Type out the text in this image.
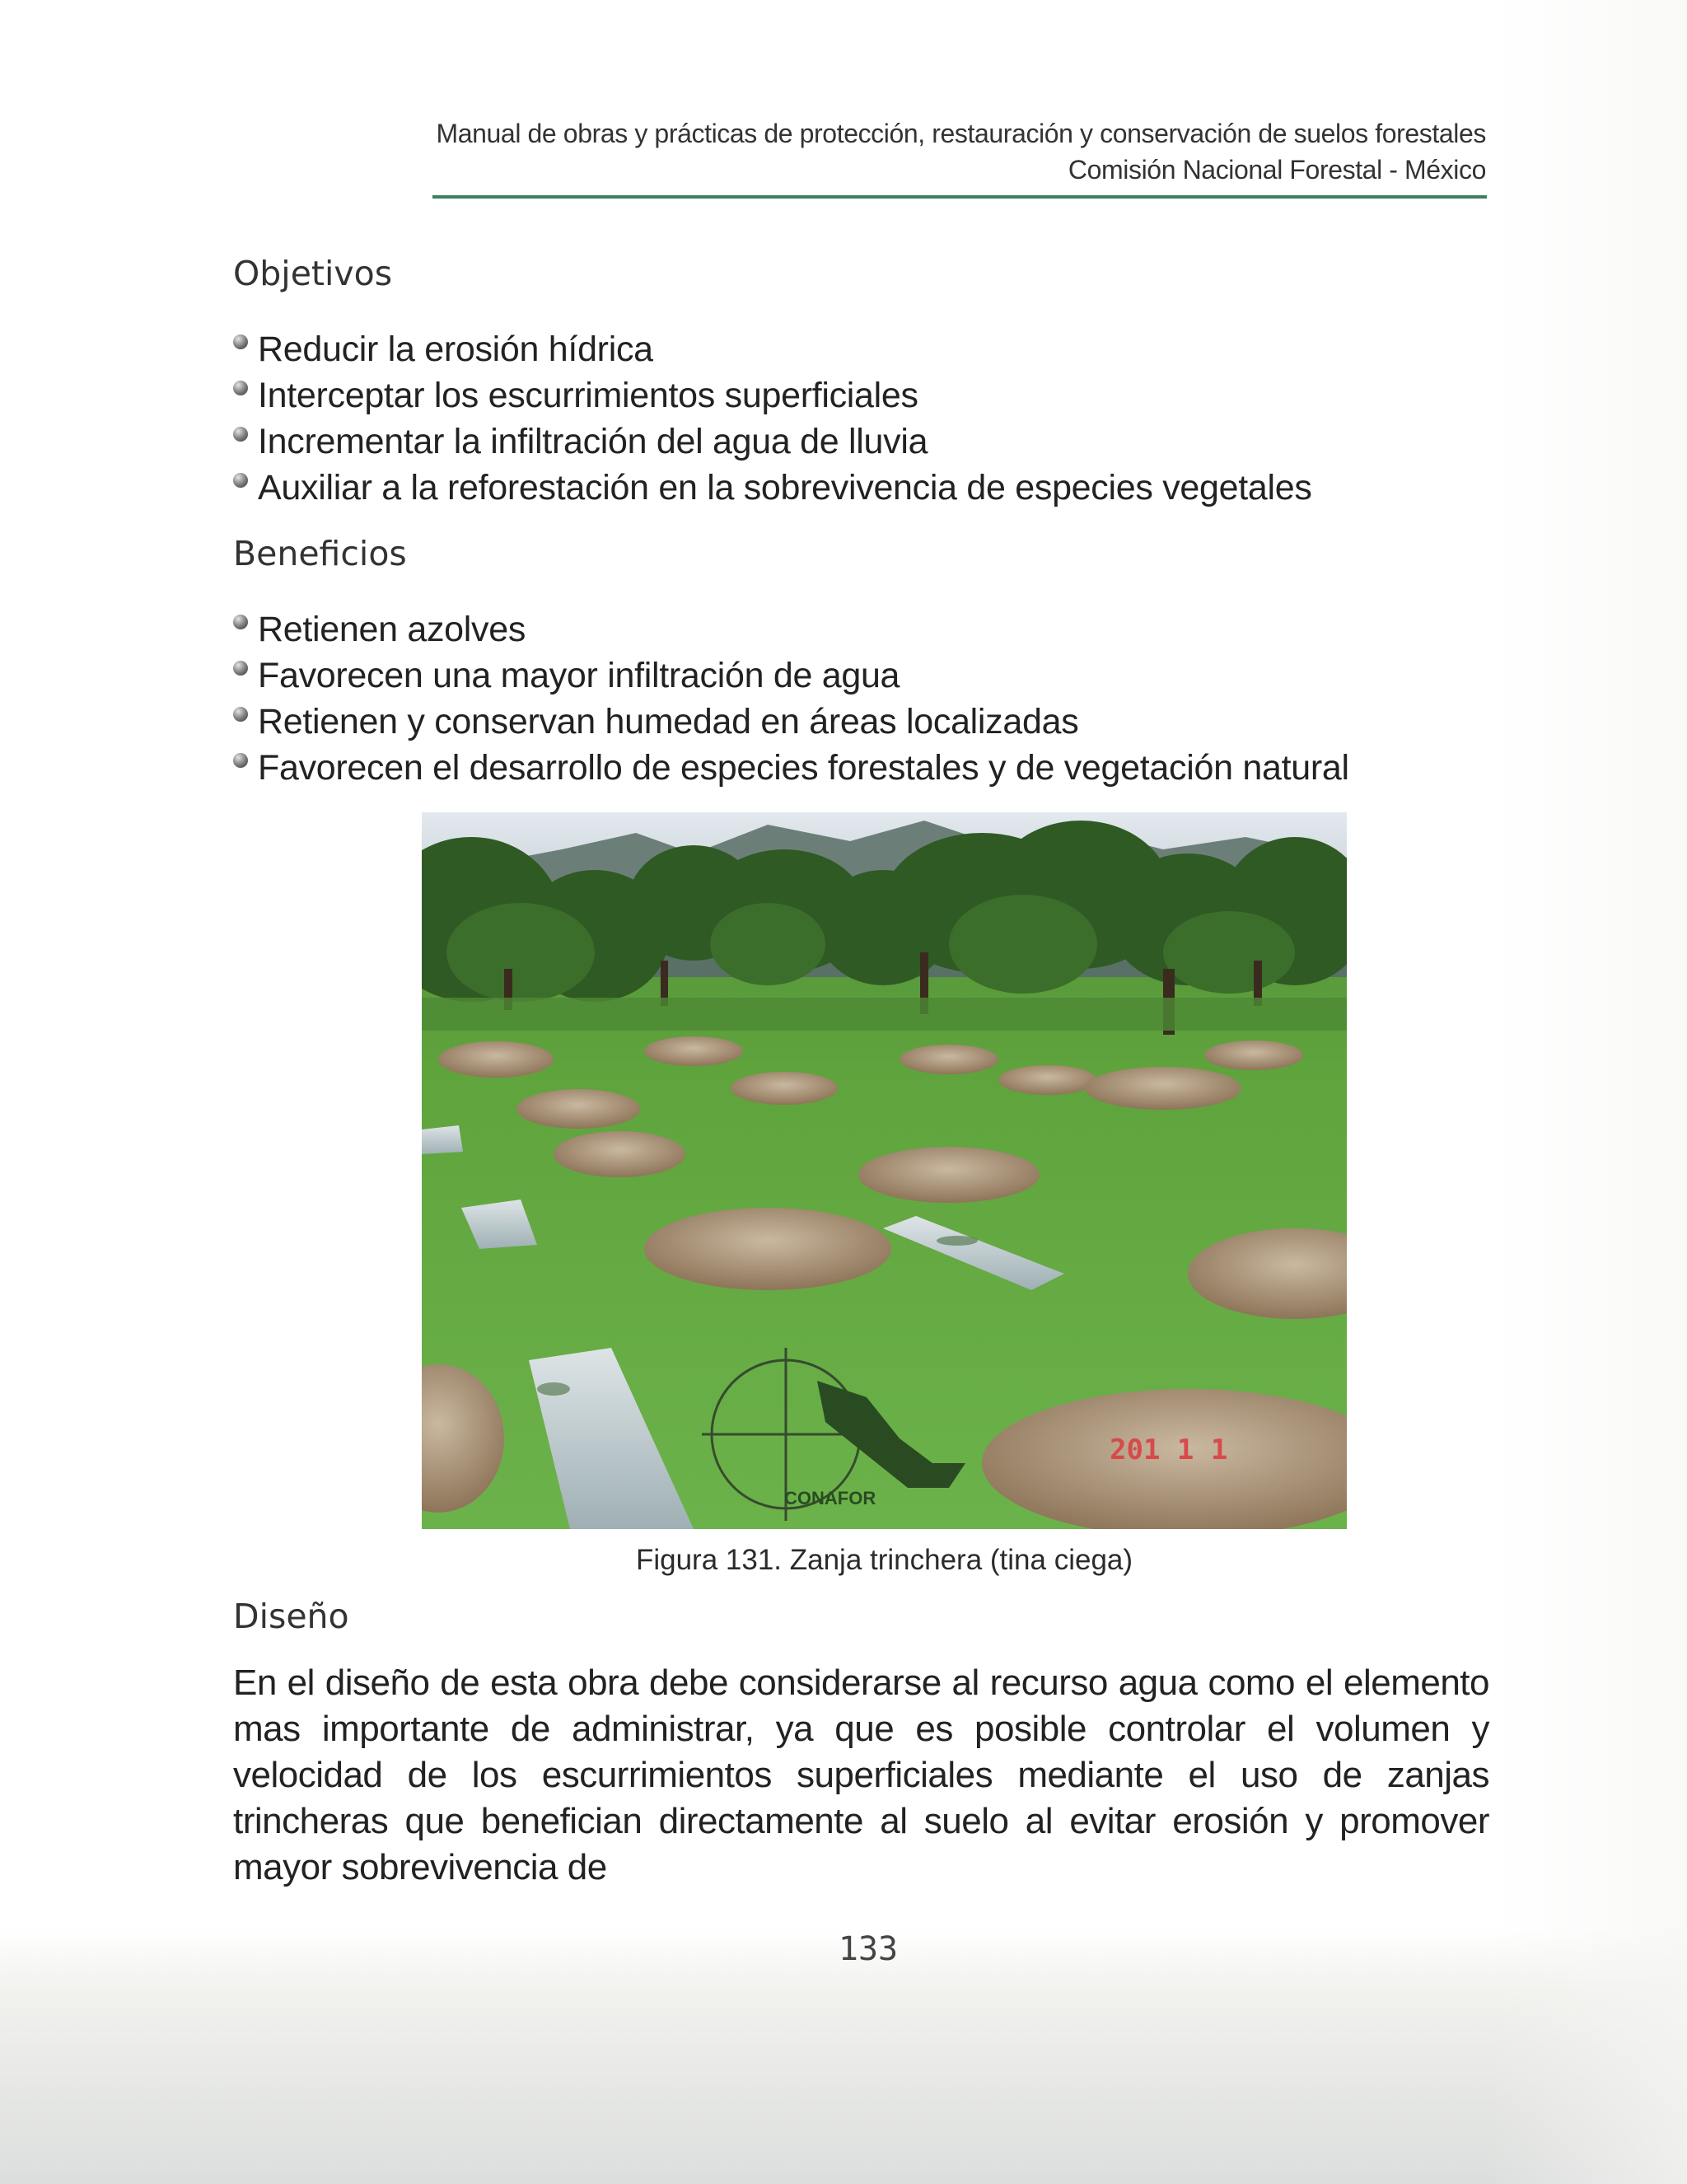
Manual de obras y prácticas de protección, restauración y conservación de suelos forestales
Comisión Nacional Forestal - México
Objetivos
Reducir la erosión hídrica
Interceptar los escurrimientos superficiales
Incrementar la infiltración del agua de lluvia
Auxiliar a la reforestación en la sobrevivencia de especies vegetales
Beneficios
Retienen azolves
Favorecen una mayor infiltración de agua
Retienen y conservan humedad en áreas localizadas
Favorecen el desarrollo de especies forestales y de vegetación natural
CONAFOR
201 1 1
Figura 131. Zanja trinchera (tina ciega)
Diseño

En el diseño de esta obra debe considerarse al recurso agua como el elemento mas importante de administrar, ya que es posible controlar el volumen y velocidad de los escurrimientos superficiales mediante el uso de zanjas trincheras que benefician directamente al suelo al evitar erosión y promover mayor sobrevivencia de

133
